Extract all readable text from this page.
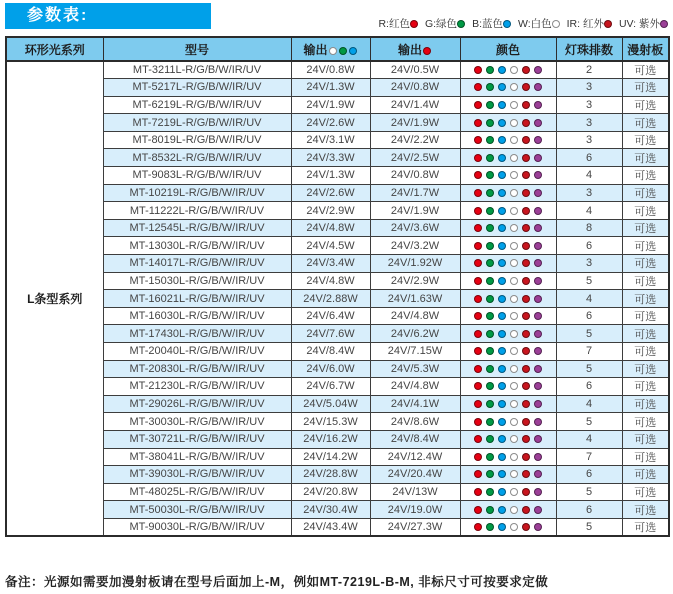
参数表:	R:红色 G:绿色 B:蓝色 W:白色 IR: 红外 UV: 紫外
环形光系列	型号	输出	输出	颜色	灯珠排数	漫射板
L条型系列	MT-3211L-R/G/B/W/IR/UV	24V/0.8W	24V/0.5W		2	可选
	MT-5217L-R/G/B/W/IR/UV	24V/1.3W	24V/0.8W		3	可选
	MT-6219L-R/G/B/W/IR/UV	24V/1.9W	24V/1.4W		3	可选
	MT-7219L-R/G/B/W/IR/UV	24V/2.6W	24V/1.9W		3	可选
	MT-8019L-R/G/B/W/IR/UV	24V/3.1W	24V/2.2W		3	可选
	MT-8532L-R/G/B/W/IR/UV	24V/3.3W	24V/2.5W		6	可选
	MT-9083L-R/G/B/W/IR/UV	24V/1.3W	24V/0.8W		4	可选
	MT-10219L-R/G/B/W/IR/UV	24V/2.6W	24V/1.7W		3	可选
	MT-11222L-R/G/B/W/IR/UV	24V/2.9W	24V/1.9W		4	可选
	MT-12545L-R/G/B/W/IR/UV	24V/4.8W	24V/3.6W		8	可选
	MT-13030L-R/G/B/W/IR/UV	24V/4.5W	24V/3.2W		6	可选
	MT-14017L-R/G/B/W/IR/UV	24V/3.4W	24V/1.92W		3	可选
	MT-15030L-R/G/B/W/IR/UV	24V/4.8W	24V/2.9W		5	可选
	MT-16021L-R/G/B/W/IR/UV	24V/2.88W	24V/1.63W		4	可选
	MT-16030L-R/G/B/W/IR/UV	24V/6.4W	24V/4.8W		6	可选
	MT-17430L-R/G/B/W/IR/UV	24V/7.6W	24V/6.2W		5	可选
	MT-20040L-R/G/B/W/IR/UV	24V/8.4W	24V/7.15W		7	可选
	MT-20830L-R/G/B/W/IR/UV	24V/6.0W	24V/5.3W		5	可选
	MT-21230L-R/G/B/W/IR/UV	24V/6.7W	24V/4.8W		6	可选
	MT-29026L-R/G/B/W/IR/UV	24V/5.04W	24V/4.1W		4	可选
	MT-30030L-R/G/B/W/IR/UV	24V/15.3W	24V/8.6W		5	可选
	MT-30721L-R/G/B/W/IR/UV	24V/16.2W	24V/8.4W		4	可选
	MT-38041L-R/G/B/W/IR/UV	24V/14.2W	24V/12.4W		7	可选
	MT-39030L-R/G/B/W/IR/UV	24V/28.8W	24V/20.4W		6	可选
	MT-48025L-R/G/B/W/IR/UV	24V/20.8W	24V/13W		5	可选
	MT-50030L-R/G/B/W/IR/UV	24V/30.4W	24V/19.0W		6	可选
	MT-90030L-R/G/B/W/IR/UV	24V/43.4W	24V/27.3W		5	可选
备注：光源如需要加漫射板请在型号后面加上-M，例如MT-7219L-B-M, 非标尺寸可按要求定做
